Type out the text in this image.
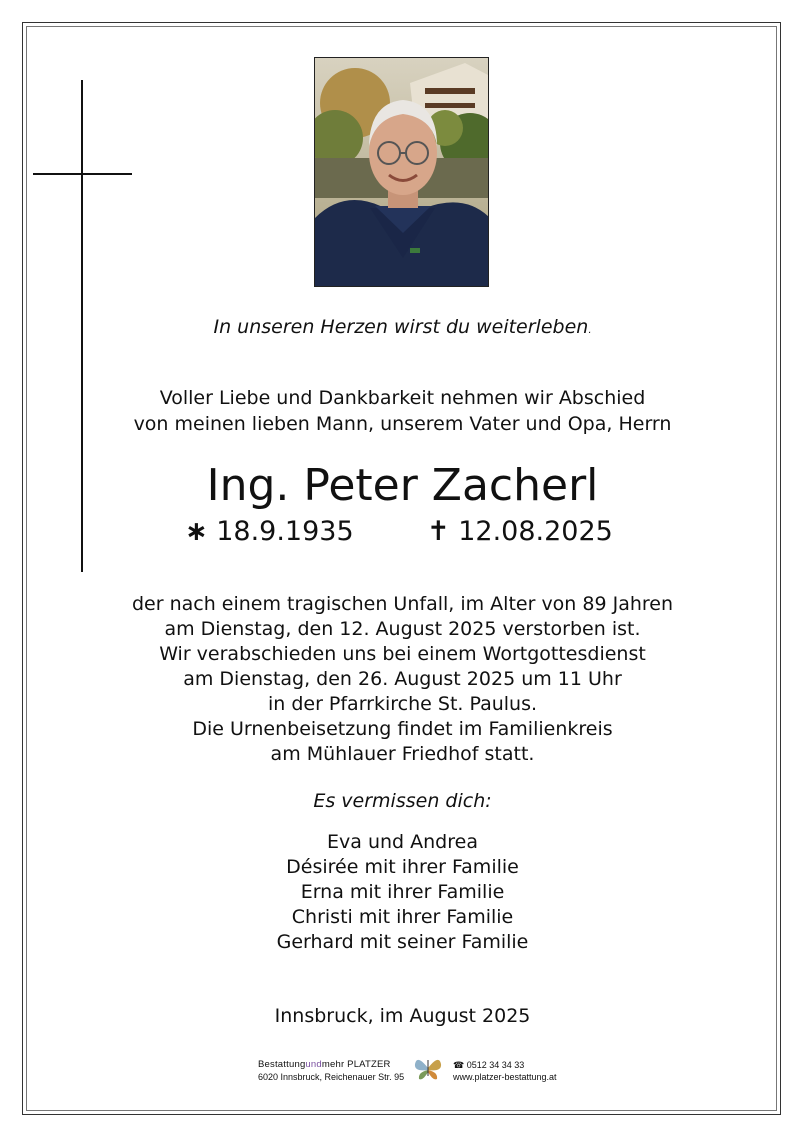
In unseren Herzen wirst du weiterleben.
Voller Liebe und Dankbarkeit nehmen wir Abschied
von meinen lieben Mann, unserem Vater und Opa, Herrn
Ing. Peter Zacherl
∗ 18.9.1935	✝ 12.08.2025
der nach einem tragischen Unfall, im Alter von 89 Jahren
am Dienstag, den 12. August 2025 verstorben ist.
Wir verabschieden uns bei einem Wortgottesdienst
am Dienstag, den 26. August 2025 um 11 Uhr
in der Pfarrkirche St. Paulus.
Die Urnenbeisetzung findet im Familienkreis
am Mühlauer Friedhof statt.
Es vermissen dich:
Eva und Andrea
Désirée mit ihrer Familie
Erna mit ihrer Familie
Christi mit ihrer Familie
Gerhard mit seiner Familie
Innsbruck, im August 2025
Bestattungundmehr PLATZER
6020 Innsbruck, Reichenauer Str. 95
☎ 0512 34 34 33
www.platzer-bestattung.at
